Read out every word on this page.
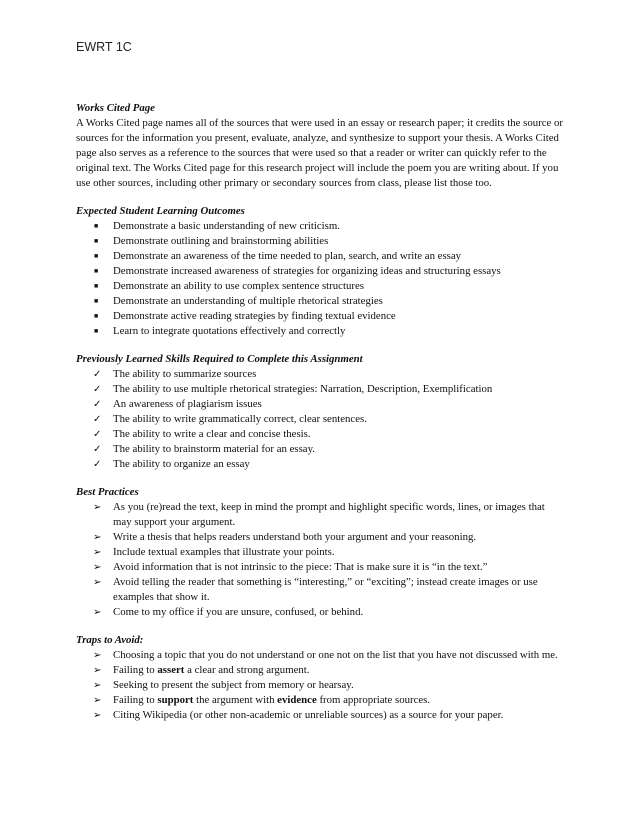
EWRT 1C

Works Cited Page

A Works Cited page names all of the sources that were used in an essay or research paper; it credits the source or sources for the information you present, evaluate, analyze, and synthesize to support your thesis. A Works Cited page also serves as a reference to the sources that were used so that a reader or writer can quickly refer to the original text. The Works Cited page for this research project will include the poem you are writing about. If you use other sources, including other primary or secondary sources from class, please list those too.

Expected Student Learning Outcomes

■ Demonstrate a basic understanding of new criticism.
■ Demonstrate outlining and brainstorming abilities
■ Demonstrate an awareness of the time needed to plan, search, and write an essay
■ Demonstrate increased awareness of strategies for organizing ideas and structuring essays
■ Demonstrate an ability to use complex sentence structures
■ Demonstrate an understanding of multiple rhetorical strategies
■ Demonstrate active reading strategies by finding textual evidence
■ Learn to integrate quotations effectively and correctly

Previously Learned Skills Required to Complete this Assignment

✓ The ability to summarize sources
✓ The ability to use multiple rhetorical strategies: Narration, Description, Exemplification
✓ An awareness of plagiarism issues
✓ The ability to write grammatically correct, clear sentences.
✓ The ability to write a clear and concise thesis.
✓ The ability to brainstorm material for an essay.
✓ The ability to organize an essay

Best Practices

➢ As you (re)read the text, keep in mind the prompt and highlight specific words, lines, or images that may support your argument.
➢ Write a thesis that helps readers understand both your argument and your reasoning.
➢ Include textual examples that illustrate your points.
➢ Avoid information that is not intrinsic to the piece: That is make sure it is “in the text.”
➢ Avoid telling the reader that something is “interesting,” or “exciting”; instead create images or use examples that show it.
➢ Come to my office if you are unsure, confused, or behind.

Traps to Avoid:

➢ Choosing a topic that you do not understand or one not on the list that you have not discussed with me.
➢ Failing to assert a clear and strong argument.
➢ Seeking to present the subject from memory or hearsay.
➢ Failing to support the argument with evidence from appropriate sources.
➢ Citing Wikipedia (or other non-academic or unreliable sources) as a source for your paper.
